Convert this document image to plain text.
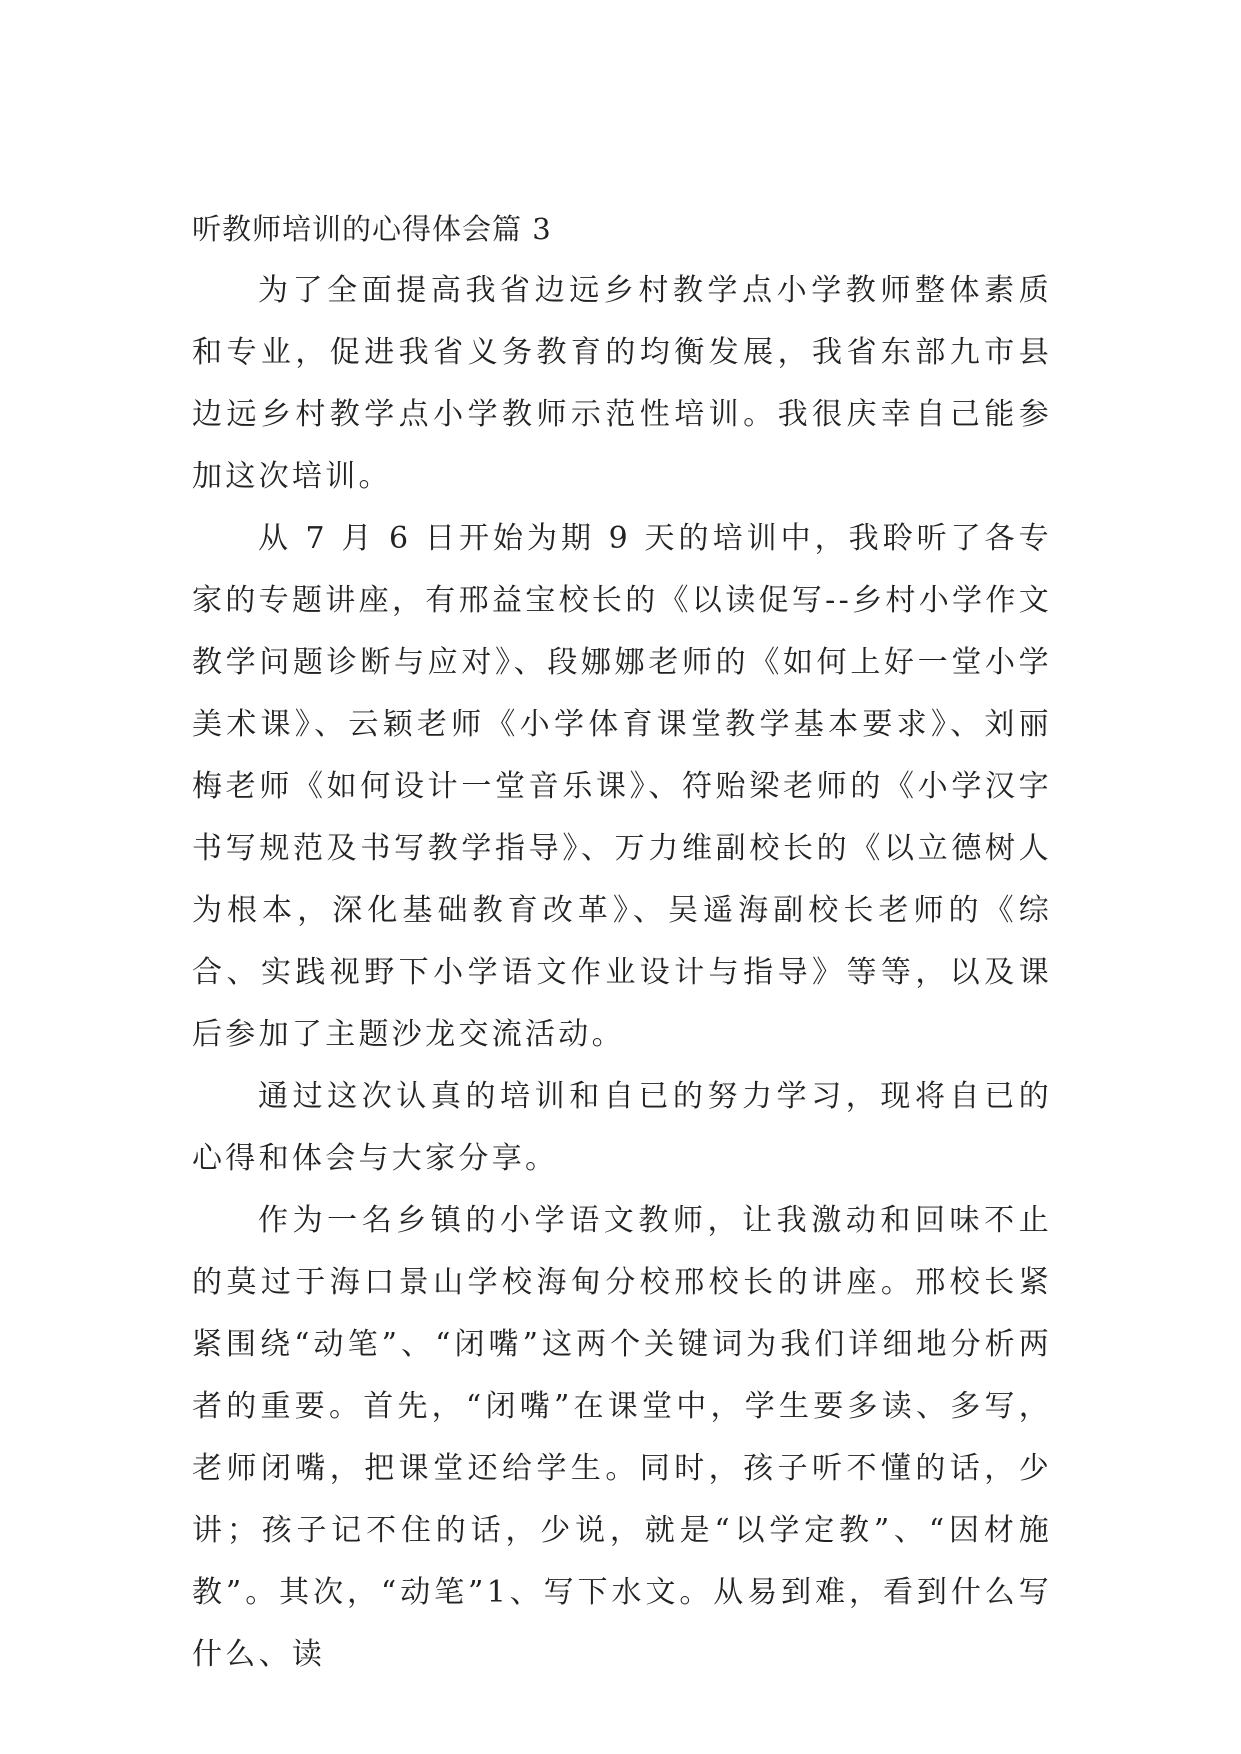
听教师培训的心得体会篇 3

为了全面提高我省边远乡村教学点小学教师整体素质和专业，促进我省义务教育的均衡发展，我省东部九市县边远乡村教学点小学教师示范性培训。我很庆幸自己能参加这次培训。

从 7 月 6 日开始为期 9 天的培训中，我聆听了各专家的专题讲座，有邢益宝校长的《以读促写--乡村小学作文教学问题诊断与应对》、段娜娜老师的《如何上好一堂小学美术课》、云颖老师《小学体育课堂教学基本要求》、刘丽梅老师《如何设计一堂音乐课》、符贻梁老师的《小学汉字书写规范及书写教学指导》、万力维副校长的《以立德树人为根本，深化基础教育改革》、吴遥海副校长老师的《综合、实践视野下小学语文作业设计与指导》等等，以及课后参加了主题沙龙交流活动。

通过这次认真的培训和自已的努力学习，现将自已的心得和体会与大家分享。

作为一名乡镇的小学语文教师，让我激动和回味不止的莫过于海口景山学校海甸分校邢校长的讲座。邢校长紧紧围绕“动笔”、“闭嘴”这两个关键词为我们详细地分析两者的重要。首先，“闭嘴”在课堂中，学生要多读、多写，老师闭嘴，把课堂还给学生。同时，孩子听不懂的话，少讲；孩子记不住的话，少说，就是“以学定教”、“因材施教”。其次，“动笔”1、写下水文。从易到难，看到什么写什么、读
